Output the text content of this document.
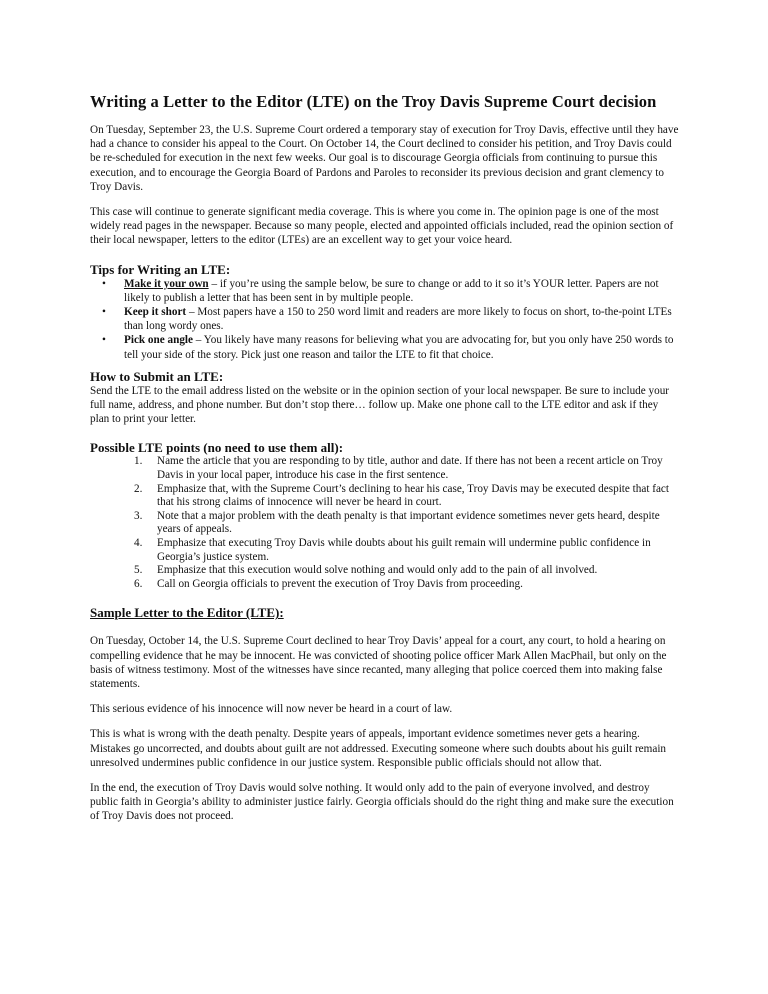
Writing a Letter to the Editor (LTE) on the Troy Davis Supreme Court decision

On Tuesday, September 23, the U.S. Supreme Court ordered a temporary stay of execution for Troy Davis, effective until they have had a chance to consider his appeal to the Court. On October 14, the Court declined to consider his petition, and Troy Davis could be re-scheduled for execution in the next few weeks. Our goal is to discourage Georgia officials from continuing to pursue this execution, and to encourage the Georgia Board of Pardons and Paroles to reconsider its previous decision and grant clemency to Troy Davis.

This case will continue to generate significant media coverage. This is where you come in. The opinion page is one of the most widely read pages in the newspaper. Because so many people, elected and appointed officials included, read the opinion section of their local newspaper, letters to the editor (LTEs) are an excellent way to get your voice heard.

Tips for Writing an LTE:
• Make it your own – if you’re using the sample below, be sure to change or add to it so it’s YOUR letter. Papers are not likely to publish a letter that has been sent in by multiple people.
• Keep it short – Most papers have a 150 to 250 word limit and readers are more likely to focus on short, to-the-point LTEs than long wordy ones.
• Pick one angle – You likely have many reasons for believing what you are advocating for, but you only have 250 words to tell your side of the story. Pick just one reason and tailor the LTE to fit that choice.
How to Submit an LTE:

Send the LTE to the email address listed on the website or in the opinion section of your local newspaper. Be sure to include your full name, address, and phone number. But don’t stop there… follow up. Make one phone call to the LTE editor and ask if they plan to print your letter.

Possible LTE points (no need to use them all):
1. Name the article that you are responding to by title, author and date. If there has not been a recent article on Troy Davis in your local paper, introduce his case in the first sentence.
2. Emphasize that, with the Supreme Court’s declining to hear his case, Troy Davis may be executed despite that fact that his strong claims of innocence will never be heard in court.
3. Note that a major problem with the death penalty is that important evidence sometimes never gets heard, despite years of appeals.
4. Emphasize that executing Troy Davis while doubts about his guilt remain will undermine public confidence in Georgia’s justice system.
5. Emphasize that this execution would solve nothing and would only add to the pain of all involved.
6. Call on Georgia officials to prevent the execution of Troy Davis from proceeding.
Sample Letter to the Editor (LTE):

On Tuesday, October 14, the U.S. Supreme Court declined to hear Troy Davis’ appeal for a court, any court, to hold a hearing on compelling evidence that he may be innocent. He was convicted of shooting police officer Mark Allen MacPhail, but only on the basis of witness testimony. Most of the witnesses have since recanted, many alleging that police coerced them into making false statements.

This serious evidence of his innocence will now never be heard in a court of law.

This is what is wrong with the death penalty. Despite years of appeals, important evidence sometimes never gets a hearing. Mistakes go uncorrected, and doubts about guilt are not addressed. Executing someone where such doubts about his guilt remain unresolved undermines public confidence in our justice system. Responsible public officials should not allow that.

In the end, the execution of Troy Davis would solve nothing. It would only add to the pain of everyone involved, and destroy public faith in Georgia’s ability to administer justice fairly. Georgia officials should do the right thing and make sure the execution of Troy Davis does not proceed.
